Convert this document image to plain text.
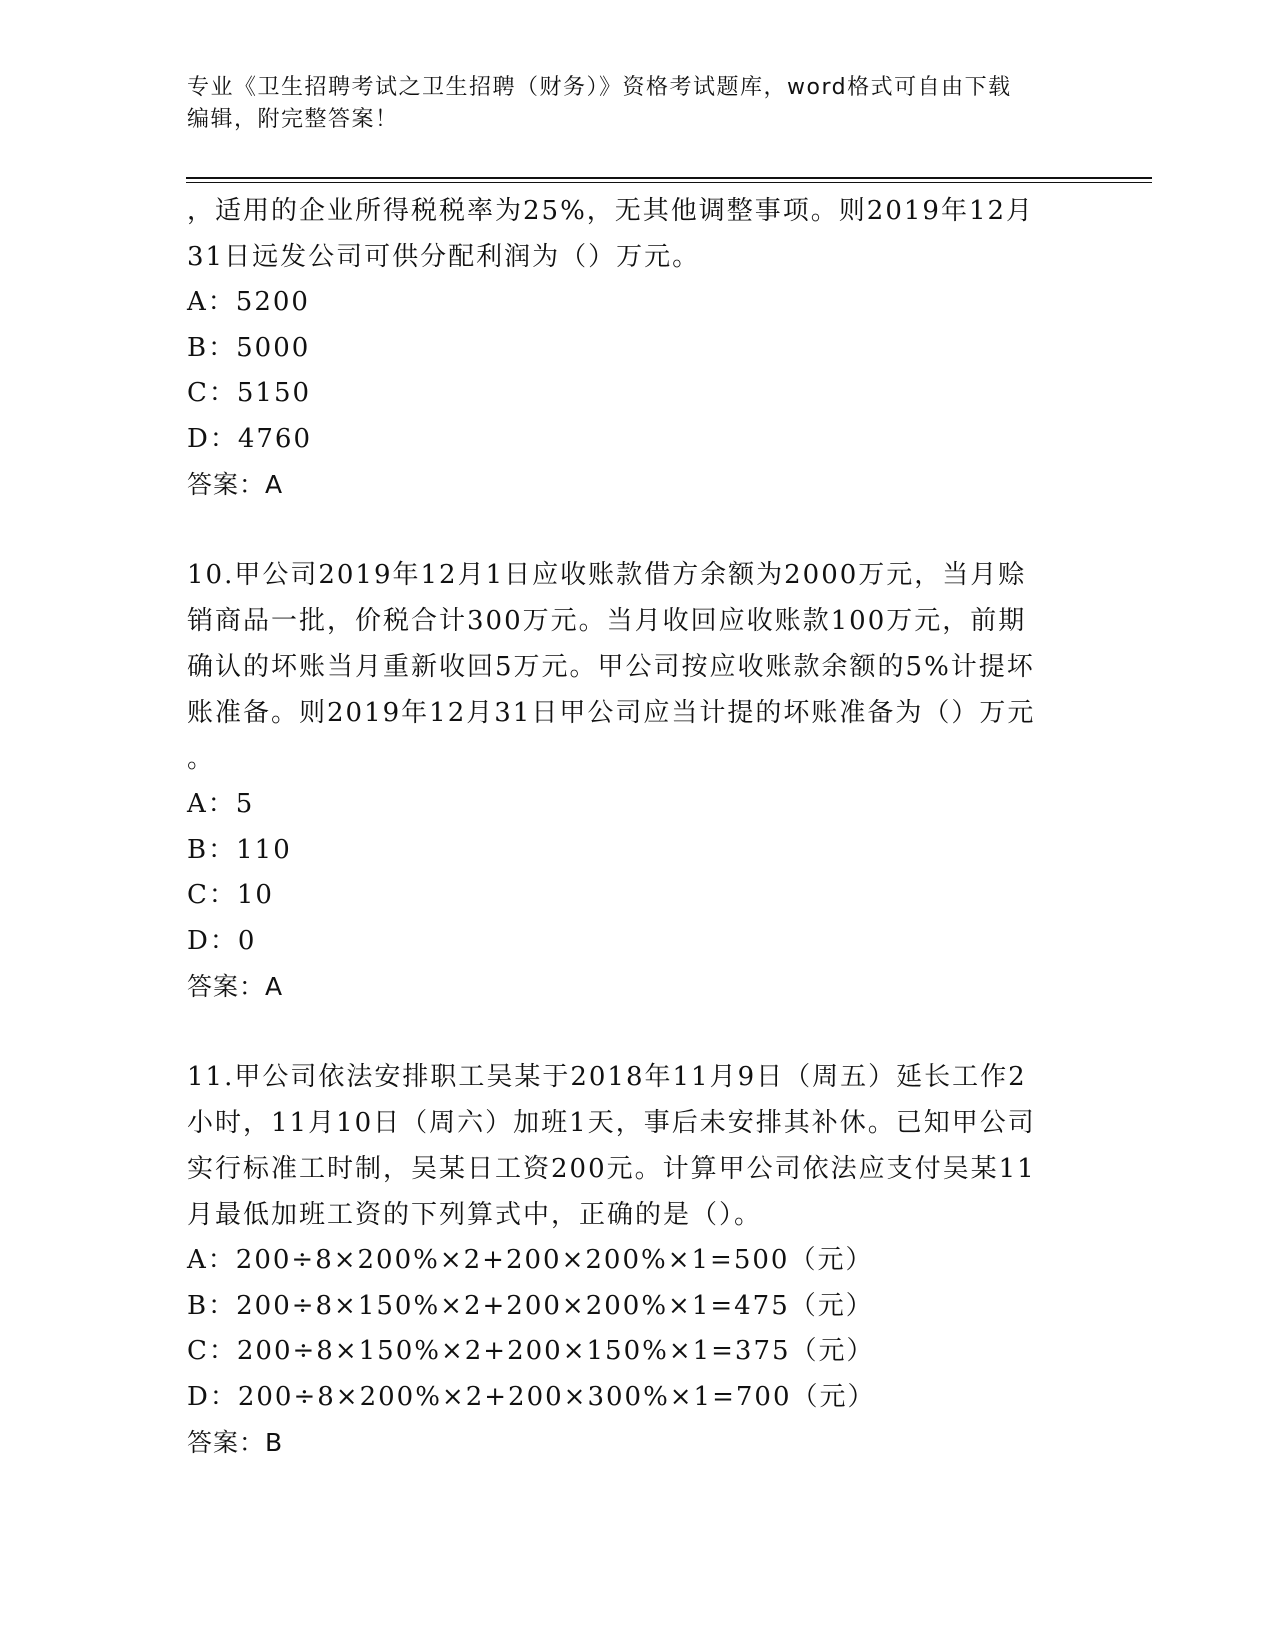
专业《卫生招聘考试之卫生招聘（财务）》资格考试题库，word格式可自由下载
编辑，附完整答案！
，适用的企业所得税税率为25%，无其他调整事项。则2019年12月
31日远发公司可供分配利润为（）万元。
A：5200
B：5000
C：5150
D：4760
答案：A
10.甲公司2019年12月1日应收账款借方余额为2000万元，当月赊
销商品一批，价税合计300万元。当月收回应收账款100万元，前期
确认的坏账当月重新收回5万元。甲公司按应收账款余额的5%计提坏
账准备。则2019年12月31日甲公司应当计提的坏账准备为（）万元
。
A：5
B：110
C：10
D：0
答案：A
11.甲公司依法安排职工吴某于2018年11月9日（周五）延长工作2
小时，11月10日（周六）加班1天，事后未安排其补休。已知甲公司
实行标准工时制，吴某日工资200元。计算甲公司依法应支付吴某11
月最低加班工资的下列算式中，正确的是（）。
A：200÷8×200%×2+200×200%×1=500（元）
B：200÷8×150%×2+200×200%×1=475（元）
C：200÷8×150%×2+200×150%×1=375（元）
D：200÷8×200%×2+200×300%×1=700（元）
答案：B
